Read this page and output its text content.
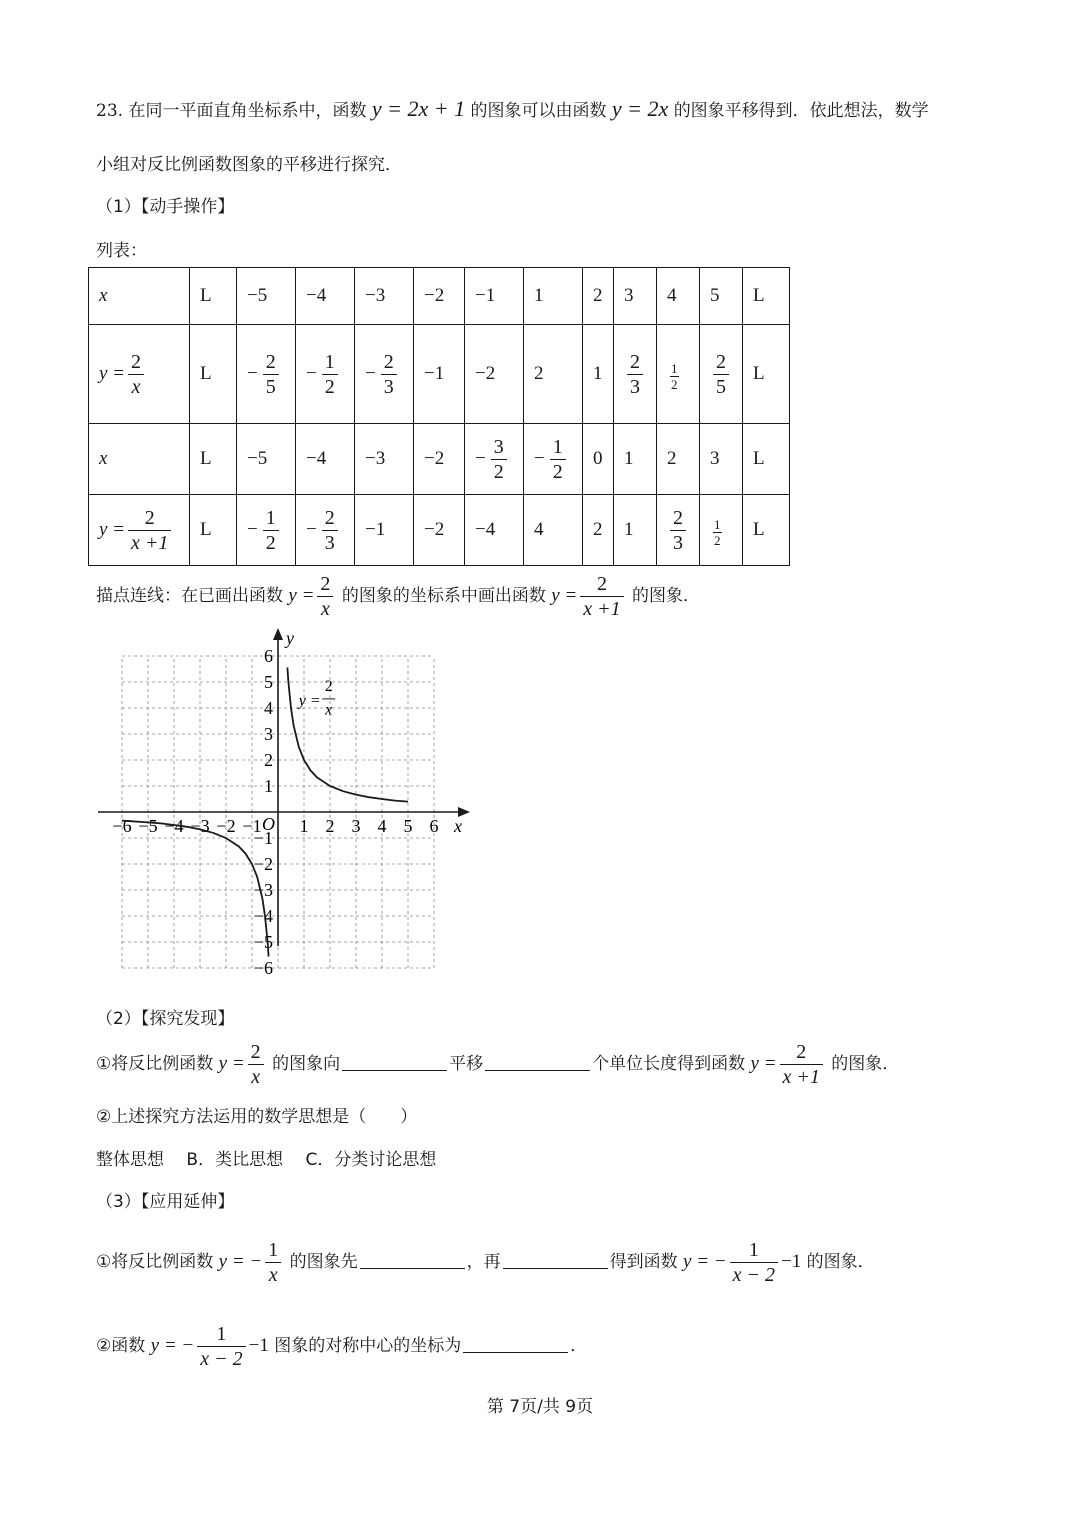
23. 在同一平面直角坐标系中，函数 y = 2x + 1 的图象可以由函数 y = 2x 的图象平移得到．依此想法，数学
小组对反比例函数图象的平移进行探究．
（1）【动手操作】
列表：
x	L	−5	−4	−3	−2	−1	1	2	3	4	5	L
$y = \frac{2}{x}$	L	− $\frac{2}{5}$	− $\frac{1}{2}$	− $\frac{2}{3}$	−1	−2	2	1	$\frac{2}{3}$	$\frac{1}{2}$	$\frac{2}{5}$	L
x	L	−5	−4	−3	−2	− $\frac{3}{2}$	− $\frac{1}{2}$	0	1	2	3	L
$y = \frac{2}{x +1}$	L	− $\frac{1}{2}$	− $\frac{2}{3}$	−1	−2	−4	4	2	1	$\frac{2}{3}$	$\frac{1}{2}$	L
描点连线：在已画出函数 $y = \frac{2}{x}$ 的图象的坐标系中画出函数 $y = \frac{2}{x +1}$ 的图象．
−6 −5 −4 −3 −2 −1 1 2 3 4 5 6
6
5
4
3
2
1
−1
−2
−3
−4
−5
−6
O	x
y
y =
2
x
（2）【探究发现】
①将反比例函数 $y = \frac{2}{x}$ 的图象向	平移	个单位长度得到函数 $y = \frac{2}{x +1}$ 的图象．
②上述探究方法运用的数学思想是（　　）
整体思想　 B．类比思想　 C．分类讨论思想
（3）【应用延伸】
①将反比例函数 y = − $\frac{1}{x}$ 的图象先	，再	得到函数 y = − $\frac{1}{x - 2} -1$ 的图象．
②函数 y = − $\frac{1}{x - 2} -1$ 图象的对称中心的坐标为	．
第 7页/共 9页
